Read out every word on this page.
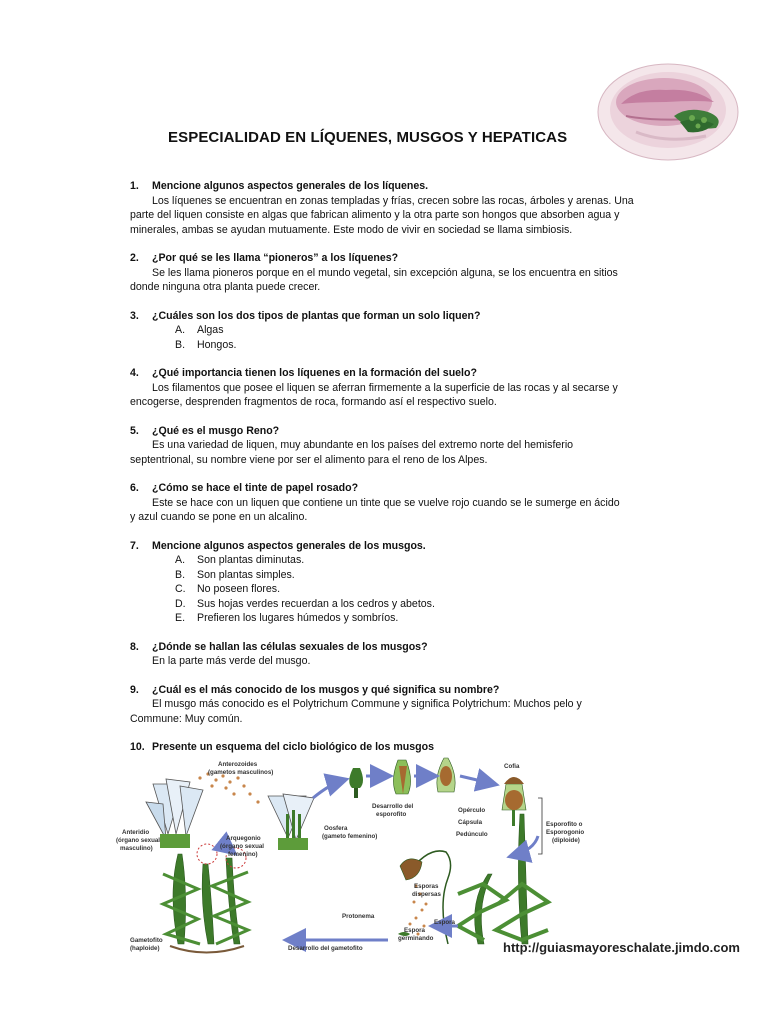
ESPECIALIDAD EN LÍQUENES, MUSGOS Y HEPATICAS
1. Mencione algunos aspectos generales de los líquenes.
Los líquenes se encuentran en zonas templadas y frías, crecen sobre las rocas, árboles y arenas. Una
parte del liquen consiste en algas que fabrican alimento y la otra parte son hongos que absorben agua y
minerales, ambas se ayudan mutuamente. Este modo de vivir en sociedad se llama simbiosis.
2. ¿Por qué se les llama “pioneros” a los líquenes?
Se les llama pioneros porque en el mundo vegetal, sin excepción alguna, se los encuentra en sitios
donde ninguna otra planta puede crecer.
3. ¿Cuáles son los dos tipos de plantas que forman un solo liquen?
A. Algas
B. Hongos.
4. ¿Qué importancia tienen los líquenes en la formación del suelo?
Los filamentos que posee el liquen se aferran firmemente a la superficie de las rocas y al secarse y
encogerse, desprenden fragmentos de roca, formando así el respectivo suelo.
5. ¿Qué es el musgo Reno?
Es una variedad de liquen, muy abundante en los países del extremo norte del hemisferio
septentrional, su nombre viene por ser el alimento para el reno de los Alpes.
6. ¿Cómo se hace el tinte de papel rosado?
Este se hace con un liquen que contiene un tinte que se vuelve rojo cuando se le sumerge en ácido
y azul cuando se pone en un alcalino.
7. Mencione algunos aspectos generales de los musgos.
A. Son plantas diminutas.
B. Son plantas simples.
C. No poseen flores.
D. Sus hojas verdes recuerdan a los cedros y abetos.
E. Prefieren los lugares húmedos y sombríos.
8. ¿Dónde se hallan las células sexuales de los musgos?
En la parte más verde del musgo.
9. ¿Cuál es el más conocido de los musgos y qué significa su nombre?
El musgo más conocido es el Polytrichum Commune y significa Polytrichum: Muchos pelo y
Commune: Muy común.
10. Presente un esquema del ciclo biológico de los musgos
Anterozoides
(gametos masculinos)
Anteridio
(órgano sexual
masculino)
Arquegonio
(órgano sexual
femenino)
Oosfera
(gameto femenino)
Desarrollo del
esporofito
Opérculo
Cápsula
Pedúnculo
Cofia
Esporofito o
Esporogonio
(diploide)
Esporas
dispersas
Protonema
Espora
Espora
germinando
Gametofito
(haploide)	Desarrollo del gametofito	http://guiasmayoreschalate.jimdo.com
